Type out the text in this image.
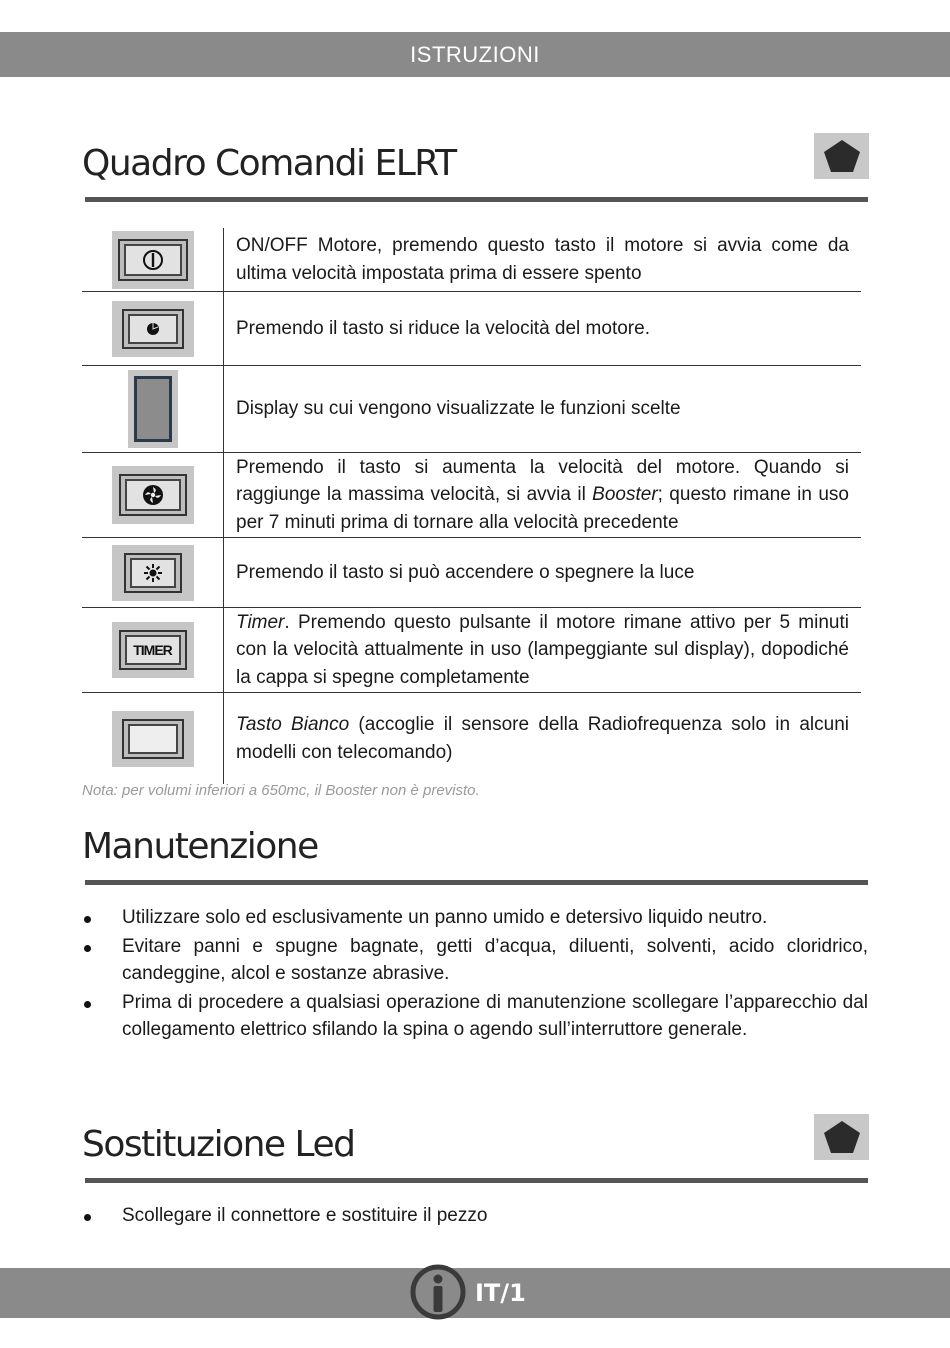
ISTRUZIONI
Quadro Comandi ELRT
ON/OFF Motore, premendo questo tasto il motore si avvia come da ultima velocità impostata prima di essere spento
Premendo il tasto si riduce la velocità del motore.
Display su cui vengono visualizzate le funzioni scelte
Premendo il tasto si aumenta la velocità del motore. Quando si raggiunge la massima velocità, si avvia il Booster; questo rimane in uso per 7 minuti prima di tornare alla velocità precedente
Premendo il tasto si può accendere o spegnere la luce
TIMER
Timer. Premendo questo pulsante il motore rimane attivo per 5 minuti con la velocità attualmente in uso (lampeggiante sul display), dopodiché la cappa si spegne completamente
Tasto Bianco (accoglie il sensore della Radiofrequenza solo in alcuni modelli con telecomando)
Nota: per volumi inferiori a 650mc, il Booster non è previsto.
Manutenzione
Utilizzare solo ed esclusivamente un panno umido e detersivo liquido neutro.
Evitare panni e spugne bagnate, getti d’acqua, diluenti, solventi, acido cloridrico, candeggine, alcol e sostanze abrasive.
Prima di procedere a qualsiasi operazione di manutenzione scollegare l’apparecchio dal collegamento elettrico sfilando la spina o agendo sull’interruttore generale.
Sostituzione Led
Scollegare il connettore e sostituire il pezzo
IT/1
